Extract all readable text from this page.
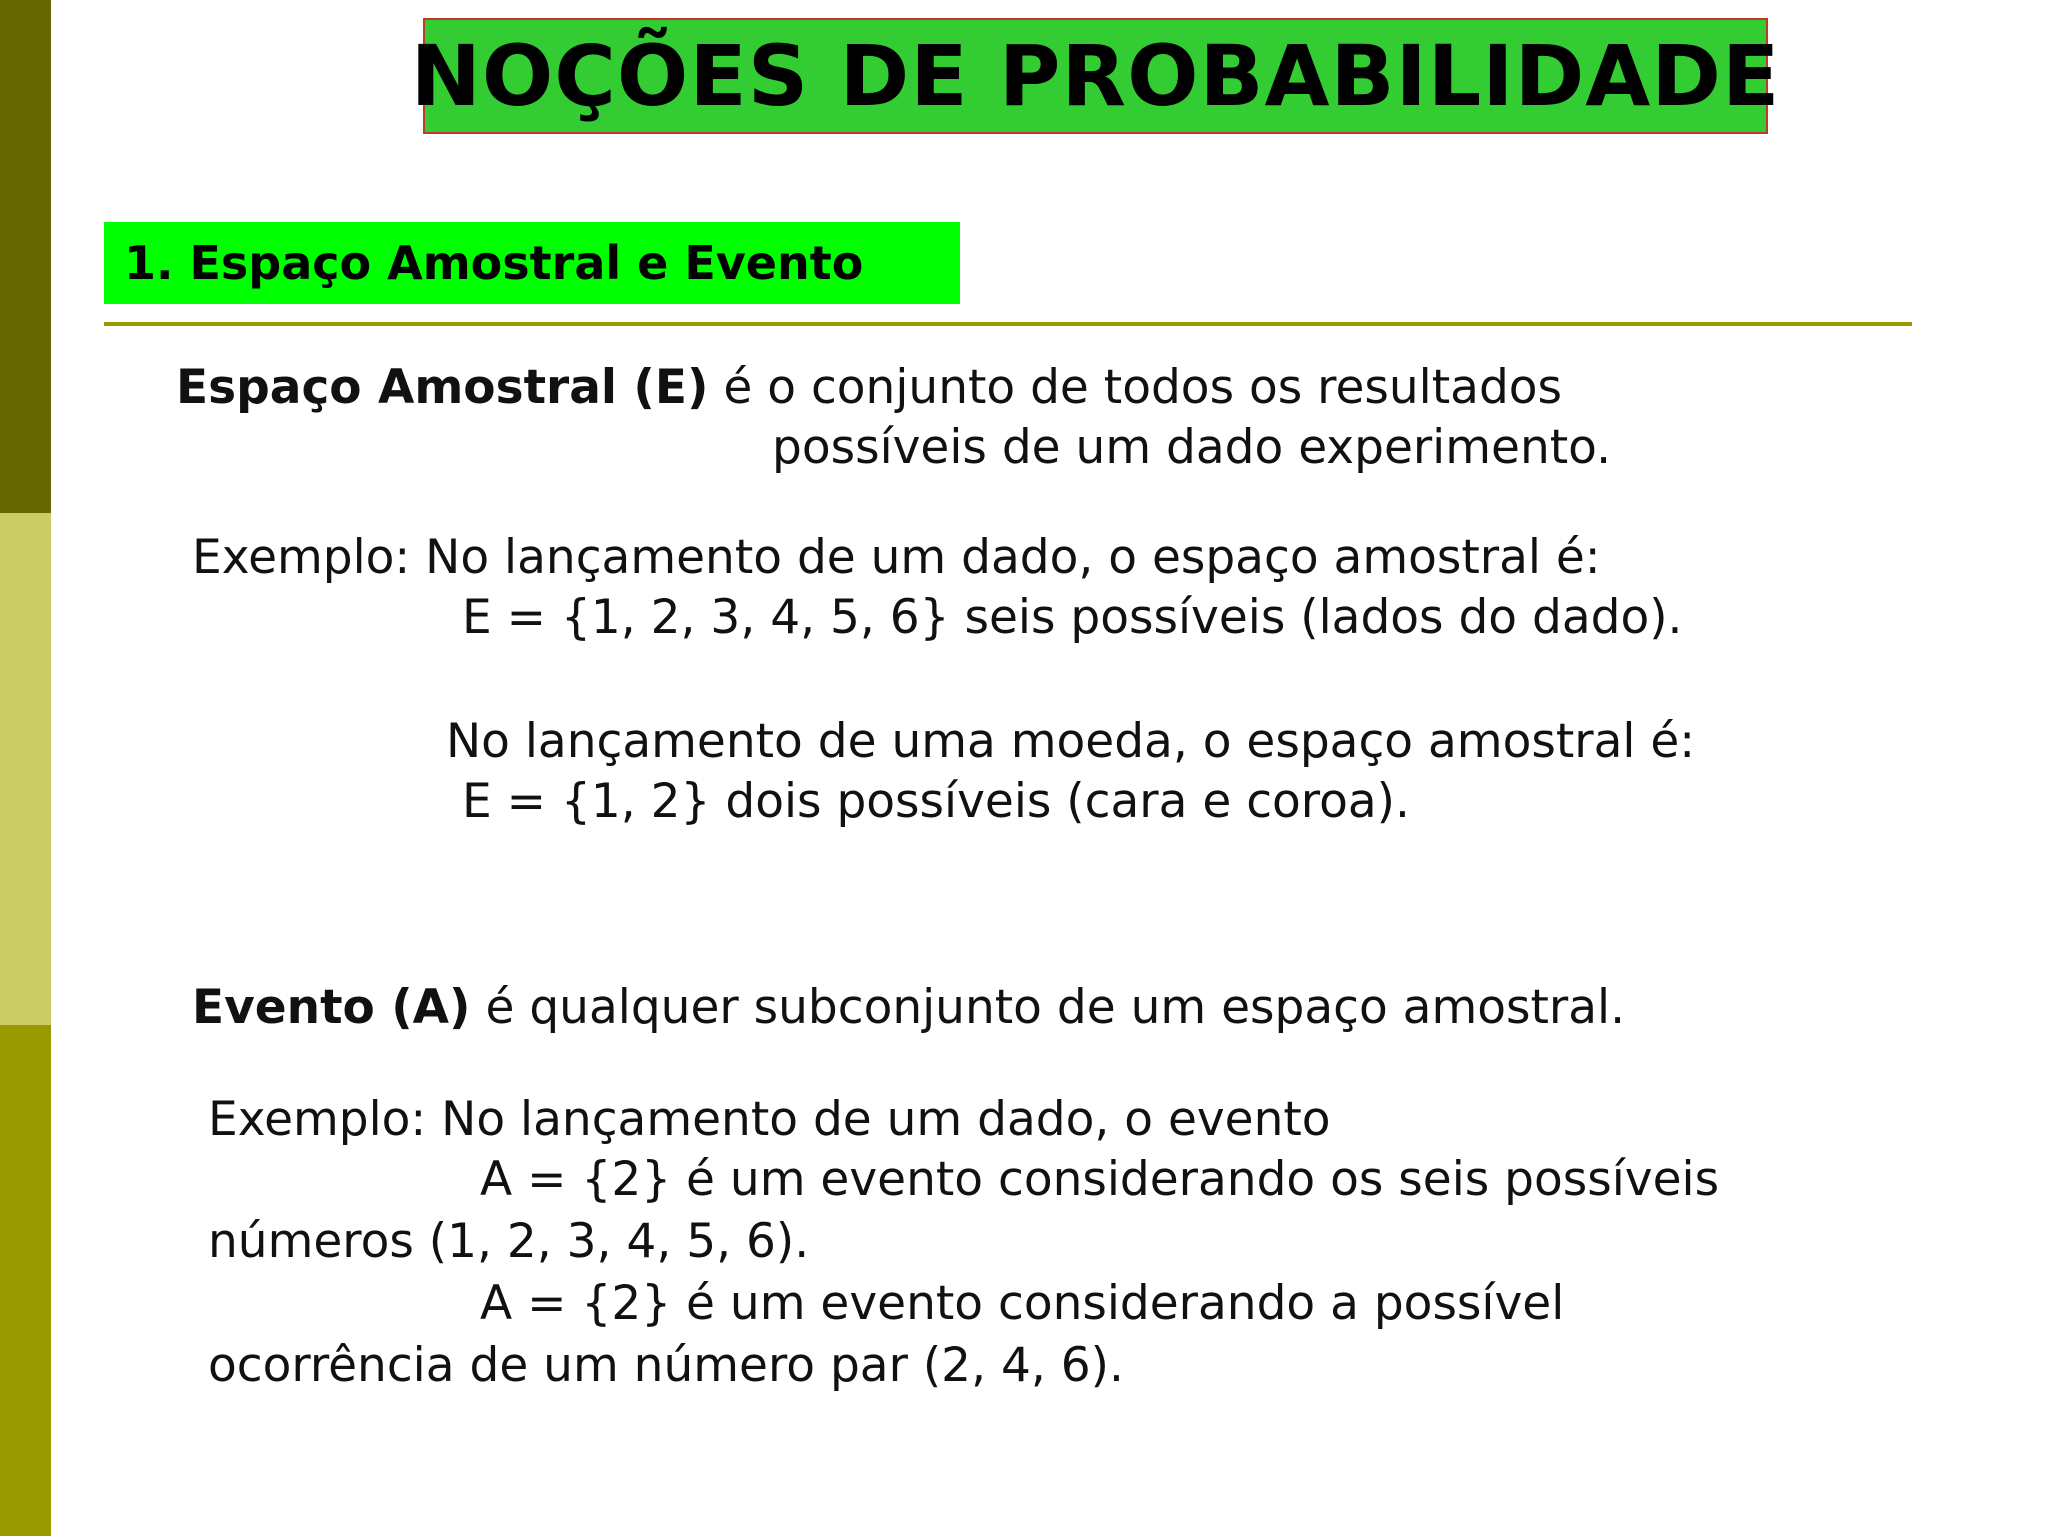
NOÇÕES DE PROBABILIDADE
1. Espaço Amostral e Evento
Espaço Amostral (E) é o conjunto de todos os resultados
possíveis de um dado experimento.
Exemplo: No lançamento de um dado, o espaço amostral é:
E = {1, 2, 3, 4, 5, 6} seis possíveis (lados do dado).
No lançamento de uma moeda, o espaço amostral é:
E = {1, 2} dois possíveis (cara e coroa).
Evento (A) é qualquer subconjunto de um espaço amostral.
Exemplo: No lançamento de um dado, o evento
A = {2} é um evento considerando os seis possíveis
números (1, 2, 3, 4, 5, 6).
A = {2} é um evento considerando a possível
ocorrência de um número par (2, 4, 6).
